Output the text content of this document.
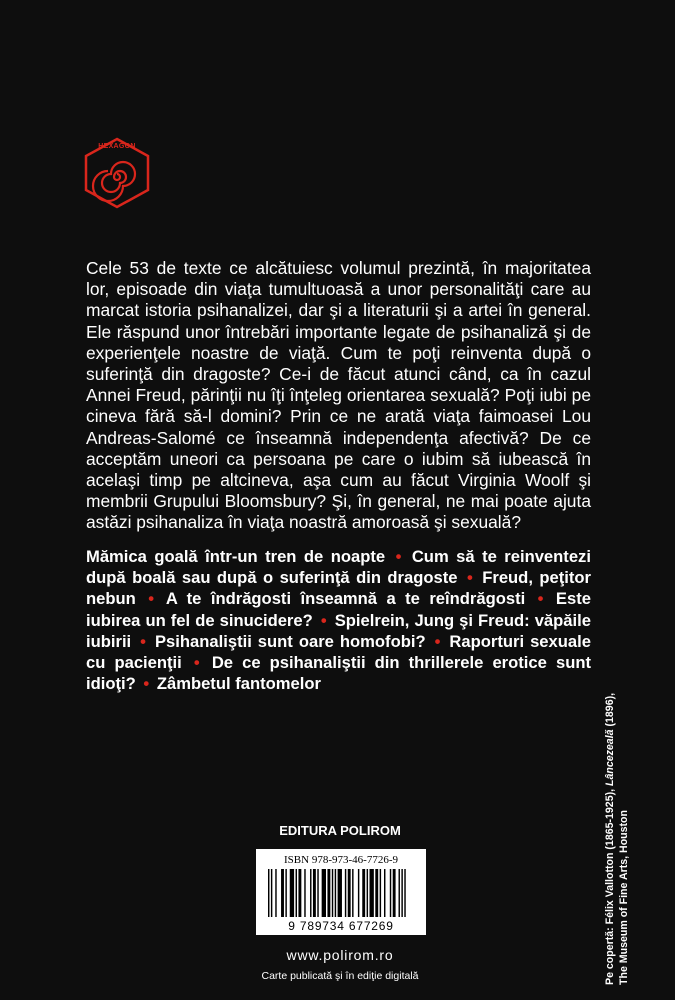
HEXAGON

Cele 53 de texte ce alcătuiesc volumul prezintă, în majoritatea lor, episoade din viaţa tumultuoasă a unor personalităţi care au marcat istoria psihanalizei, dar şi a literaturii şi a artei în general. Ele răspund unor întrebări importante legate de psihanaliză şi de experienţele noastre de viaţă. Cum te poţi reinventa după o suferinţă din dragoste? Ce-i de făcut atunci când, ca în cazul Annei Freud, părinţii nu îţi înţeleg orientarea sexuală? Poţi iubi pe cineva fără să-l domini? Prin ce ne arată viaţa faimoasei Lou Andreas-Salomé ce înseamnă independenţa afectivă? De ce acceptăm uneori ca persoana pe care o iubim să iubească în acelaşi timp pe altcineva, aşa cum au făcut Virginia Woolf şi membrii Grupului Bloomsbury? Şi, în general, ne mai poate ajuta astăzi psihanaliza în viaţa noastră amoroasă şi sexuală?

Mămica goală într-un tren de noapte • Cum să te reinventezi după boală sau după o suferinţă din dragoste • Freud, peţitor nebun • A te îndrăgosti înseamnă a te reîndrăgosti • Este iubirea un fel de sinucidere? • Spielrein, Jung şi Freud: văpăile iubirii • Psihanaliştii sunt oare homofobi? • Raporturi sexuale cu pacienţii • De ce psihanaliştii din thrillerele erotice sunt idioţi? • Zâmbetul fantomelor
EDITURA POLIROM
ISBN 978-973-46-7726-9
9 789734 677269
www.polirom.ro
Carte publicată şi în ediţie digitală	Pe copertă: Félix Vallotton (1865-1925), Lâncezeală (1896),
The Museum of Fine Arts, Houston
